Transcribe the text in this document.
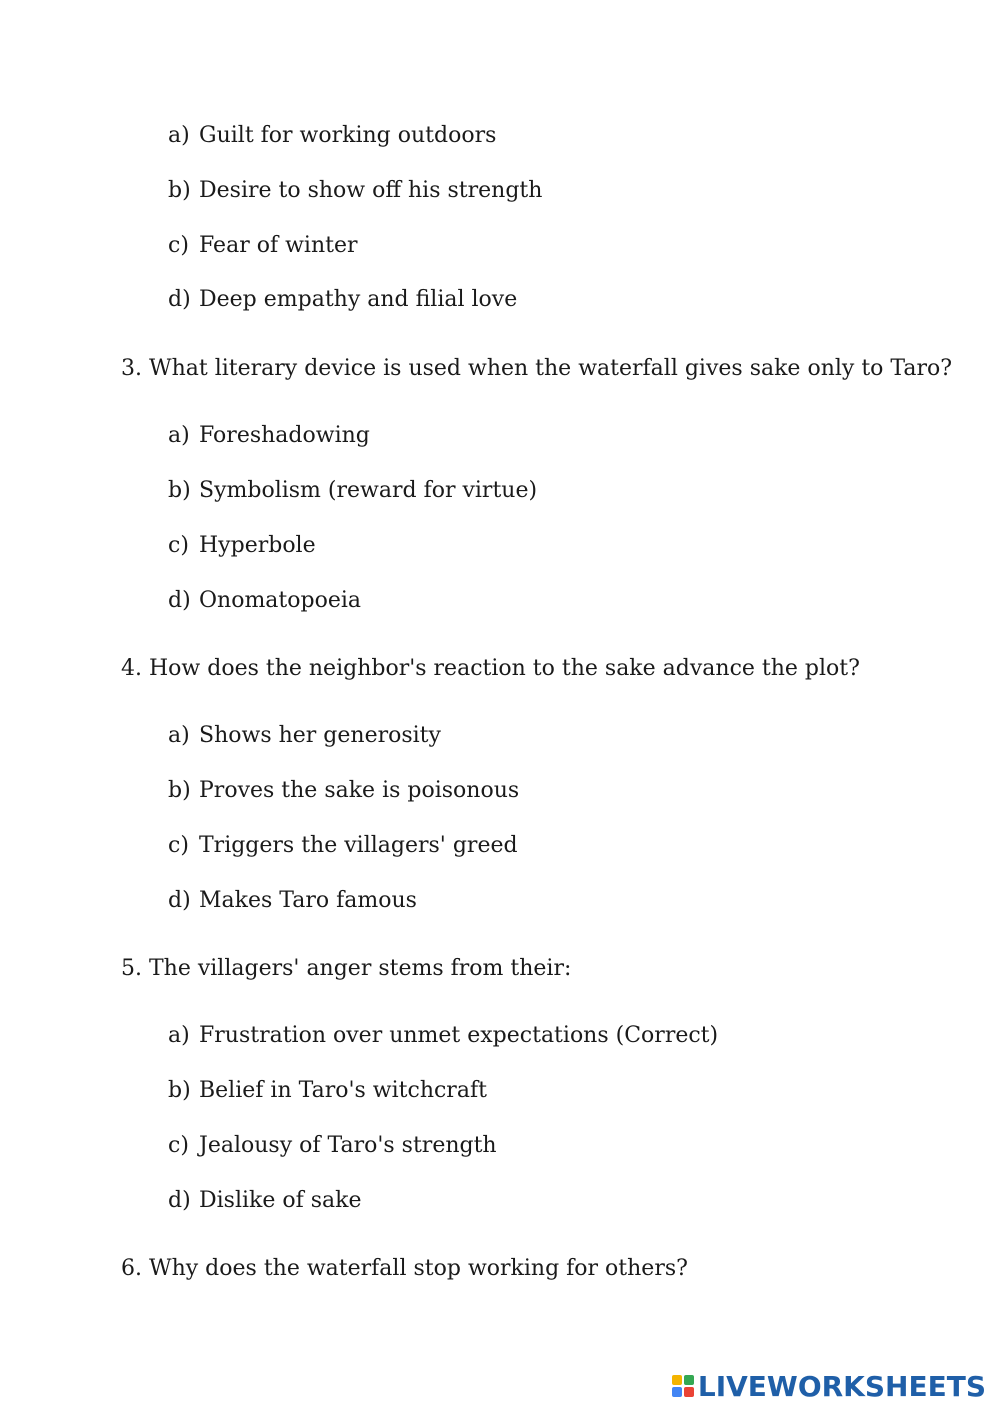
a) Guilt for working outdoors
b) Desire to show off his strength
c) Fear of winter
d) Deep empathy and filial love
3. What literary device is used when the waterfall gives sake only to Taro?
a) Foreshadowing
b) Symbolism (reward for virtue)
c) Hyperbole
d) Onomatopoeia
4. How does the neighbor's reaction to the sake advance the plot?
a) Shows her generosity
b) Proves the sake is poisonous
c) Triggers the villagers' greed
d) Makes Taro famous
5. The villagers' anger stems from their:
a) Frustration over unmet expectations (Correct)
b) Belief in Taro's witchcraft
c) Jealousy of Taro's strength
d) Dislike of sake
6. Why does the waterfall stop working for others?
LIVEWORKSHEETS
